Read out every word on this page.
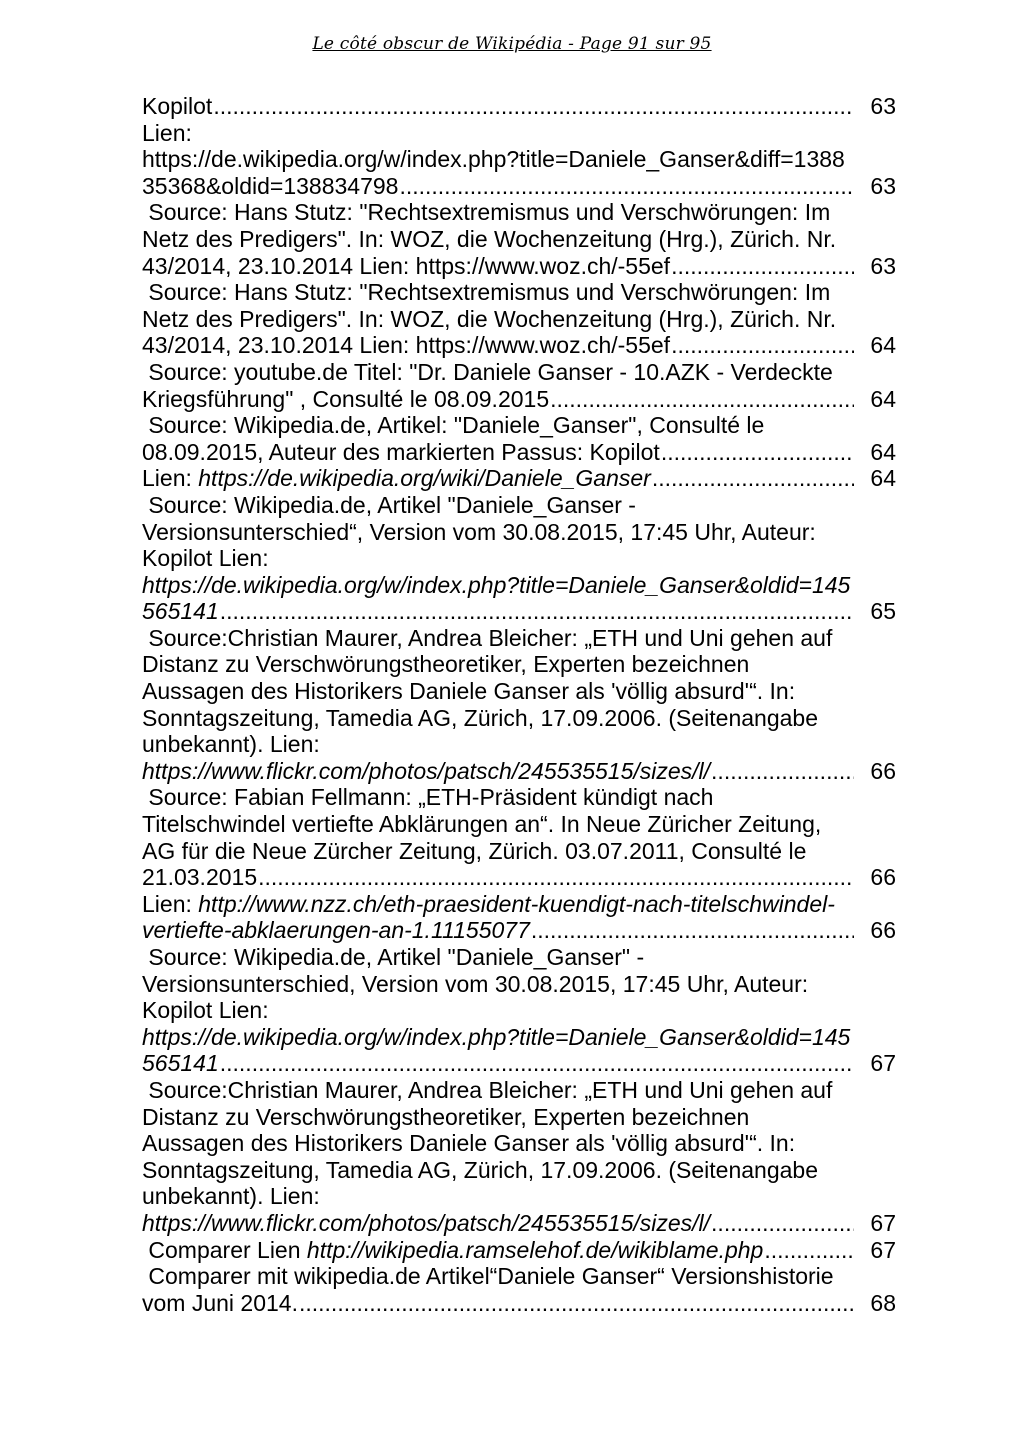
Le côté obscur de Wikipédia - Page 91 sur 95
Kopilot .....	63
Lien:
https://de.wikipedia.org/w/index.php?title=Daniele_Ganser&diff=1388
35368&oldid=138834798 .....	63
Source: Hans Stutz: "Rechtsextremismus und Verschwörungen: Im
Netz des Predigers". In: WOZ, die Wochenzeitung (Hrg.), Zürich. Nr.
43/2014, 23.10.2014 Lien: https://www.woz.ch/-55ef .....	63
Source: Hans Stutz: "Rechtsextremismus und Verschwörungen: Im
Netz des Predigers". In: WOZ, die Wochenzeitung (Hrg.), Zürich. Nr.
43/2014, 23.10.2014 Lien: https://www.woz.ch/-55ef .....	64
Source: youtube.de Titel: "Dr. Daniele Ganser - 10.AZK - Verdeckte
Kriegsführung" , Consulté le 08.09.2015 .....	64
Source: Wikipedia.de, Artikel: "Daniele_Ganser", Consulté le
08.09.2015, Auteur des markierten Passus: Kopilot .....	64
Lien: https://de.wikipedia.org/wiki/Daniele_Ganser .....	64
Source: Wikipedia.de, Artikel "Daniele_Ganser -
Versionsunterschied“, Version vom 30.08.2015, 17:45 Uhr, Auteur:
Kopilot Lien:
https://de.wikipedia.org/w/index.php?title=Daniele_Ganser&oldid=145
565141 .....	65
Source:Christian Maurer, Andrea Bleicher: „ETH und Uni gehen auf
Distanz zu Verschwörungstheoretiker, Experten bezeichnen
Aussagen des Historikers Daniele Ganser als 'völlig absurd'“. In:
Sonntagszeitung, Tamedia AG, Zürich, 17.09.2006. (Seitenangabe
unbekannt). Lien:
https://www.flickr.com/photos/patsch/245535515/sizes/l/ .....	66
Source: Fabian Fellmann: „ETH-Präsident kündigt nach
Titelschwindel vertiefte Abklärungen an“. In Neue Züricher Zeitung,
AG für die Neue Zürcher Zeitung, Zürich. 03.07.2011, Consulté le
21.03.2015 .....	66
Lien: http://www.nzz.ch/eth-praesident-kuendigt-nach-titelschwindel-
vertiefte-abklaerungen-an-1.11155077 .....	66
Source: Wikipedia.de, Artikel "Daniele_Ganser" -
Versionsunterschied, Version vom 30.08.2015, 17:45 Uhr, Auteur:
Kopilot Lien:
https://de.wikipedia.org/w/index.php?title=Daniele_Ganser&oldid=145
565141 .....	67
Source:Christian Maurer, Andrea Bleicher: „ETH und Uni gehen auf
Distanz zu Verschwörungstheoretiker, Experten bezeichnen
Aussagen des Historikers Daniele Ganser als 'völlig absurd'“. In:
Sonntagszeitung, Tamedia AG, Zürich, 17.09.2006. (Seitenangabe
unbekannt). Lien:
https://www.flickr.com/photos/patsch/245535515/sizes/l/ .....	67
Comparer Lien http://wikipedia.ramselehof.de/wikiblame.php .....	67
Comparer mit wikipedia.de Artikel“Daniele Ganser“ Versionshistorie
vom Juni 2014. .....	68
